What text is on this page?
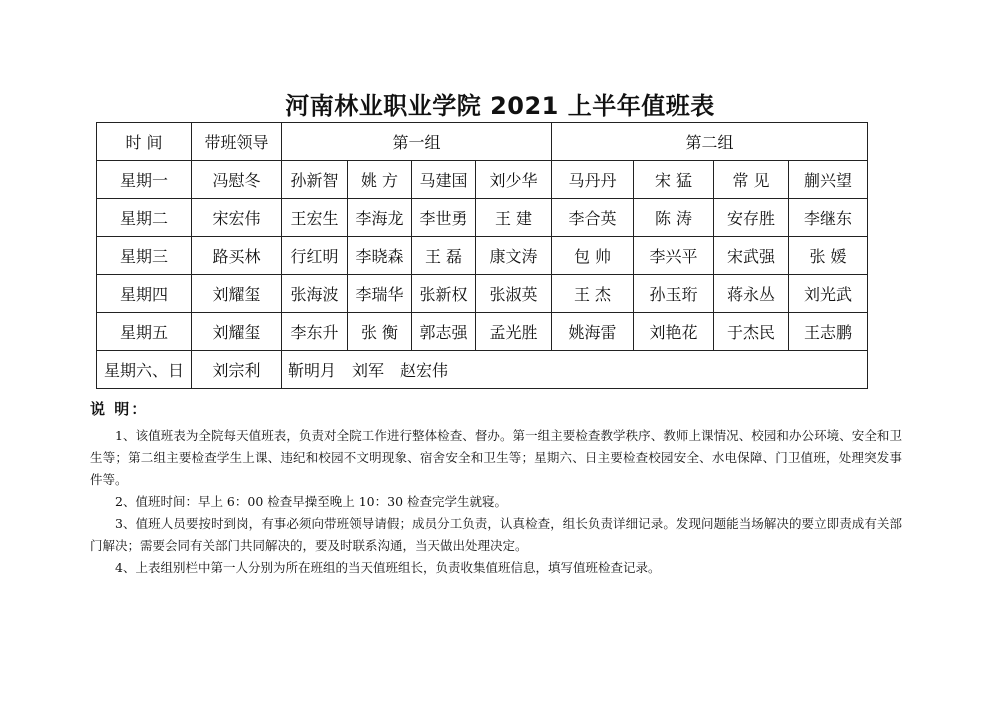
河南林业职业学院 2021 上半年值班表
时 间	带班领导	第一组				第二组			
星期一	冯慰冬	孙新智	姚 方	马建国	刘少华	马丹丹	宋 猛	常 见	蒯兴望
星期二	宋宏伟	王宏生	李海龙	李世勇	王 建	李合英	陈 涛	安存胜	李继东
星期三	路买林	行红明	李晓森	王 磊	康文涛	包 帅	李兴平	宋武强	张 媛
星期四	刘耀玺	张海波	李瑞华	张新权	张淑英	王 杰	孙玉珩	蒋永丛	刘光武
星期五	刘耀玺	李东升	张 衡	郭志强	孟光胜	姚海雷	刘艳花	于杰民	王志鹏
星期六、日	刘宗利	靳明月　刘军　赵宏伟							
说 明：

1、该值班表为全院每天值班表，负责对全院工作进行整体检查、督办。第一组主要检查教学秩序、教师上课情况、校园和办公环境、安全和卫生等；第二组主要检查学生上课、违纪和校园不文明现象、宿舍安全和卫生等；星期六、日主要检查校园安全、水电保障、门卫值班，处理突发事件等。

2、值班时间：早上 6：00 检查早操至晚上 10：30 检查完学生就寝。

3、值班人员要按时到岗，有事必须向带班领导请假；成员分工负责，认真检查，组长负责详细记录。发现问题能当场解决的要立即责成有关部门解决；需要会同有关部门共同解决的，要及时联系沟通，当天做出处理决定。

4、上表组别栏中第一人分别为所在班组的当天值班组长，负责收集值班信息，填写值班检查记录。
